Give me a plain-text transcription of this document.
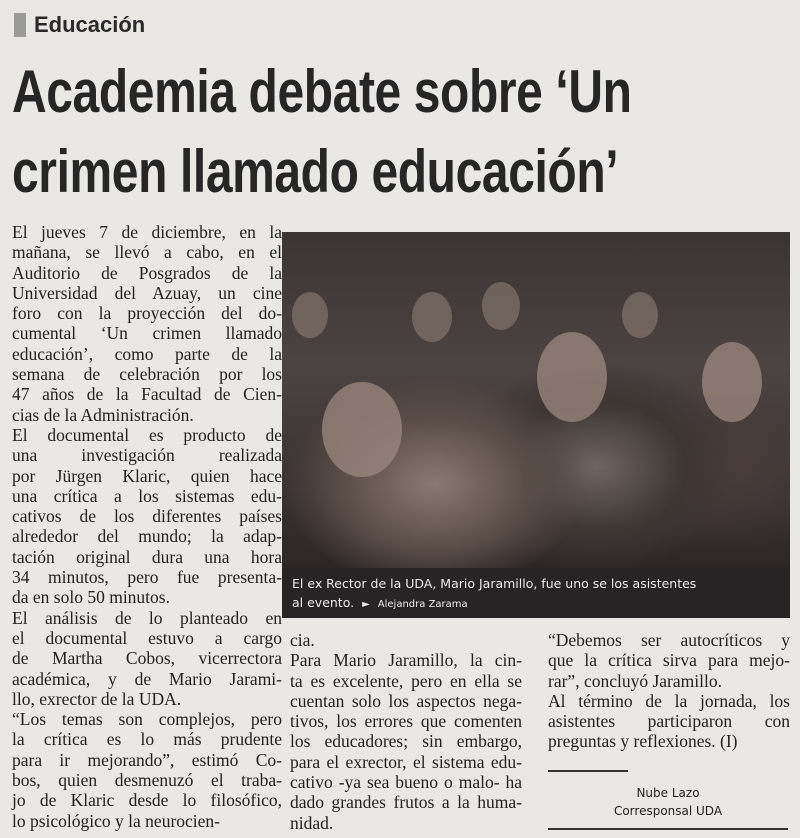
Educación
Academia debate sobre ‘Un
crimen llamado educación’
El jueves 7 de diciembre, en la
mañana, se llevó a cabo, en el
Auditorio de Posgrados de la
Universidad del Azuay, un cine
foro con la proyección del do-
cumental ‘Un crimen llamado
educación’, como parte de la
semana de celebración por los
47 años de la Facultad de Cien-
cias de la Administración.
El documental es producto de
una investigación realizada
por Jürgen Klaric, quien hace
una crítica a los sistemas edu-
cativos de los diferentes países
alrededor del mundo; la adap-
tación original dura una hora
34 minutos, pero fue presenta-
da en solo 50 minutos.
El análisis de lo planteado en
el documental estuvo a cargo
de Martha Cobos, vicerrectora
académica, y de Mario Jarami-
llo, exrector de la UDA.
“Los temas son complejos, pero
la crítica es lo más prudente
para ir mejorando”, estimó Co-
bos, quien desmenuzó el traba-
jo de Klaric desde lo filosófico,
lo psicológico y la neurocien-
El ex Rector de la UDA, Mario Jaramillo, fue uno se los asistentes
al evento. ► Alejandra Zarama
cia.
Para Mario Jaramillo, la cin-
ta es excelente, pero en ella se
cuentan solo los aspectos nega-
tivos, los errores que comenten
los educadores; sin embargo,
para el exrector, el sistema edu-
cativo -ya sea bueno o malo- ha
dado grandes frutos a la huma-
nidad.
“Debemos ser autocríticos y
que la crítica sirva para mejo-
rar”, concluyó Jaramillo.
Al término de la jornada, los
asistentes participaron con
preguntas y reflexiones. (I)
Nube Lazo
Corresponsal UDA
